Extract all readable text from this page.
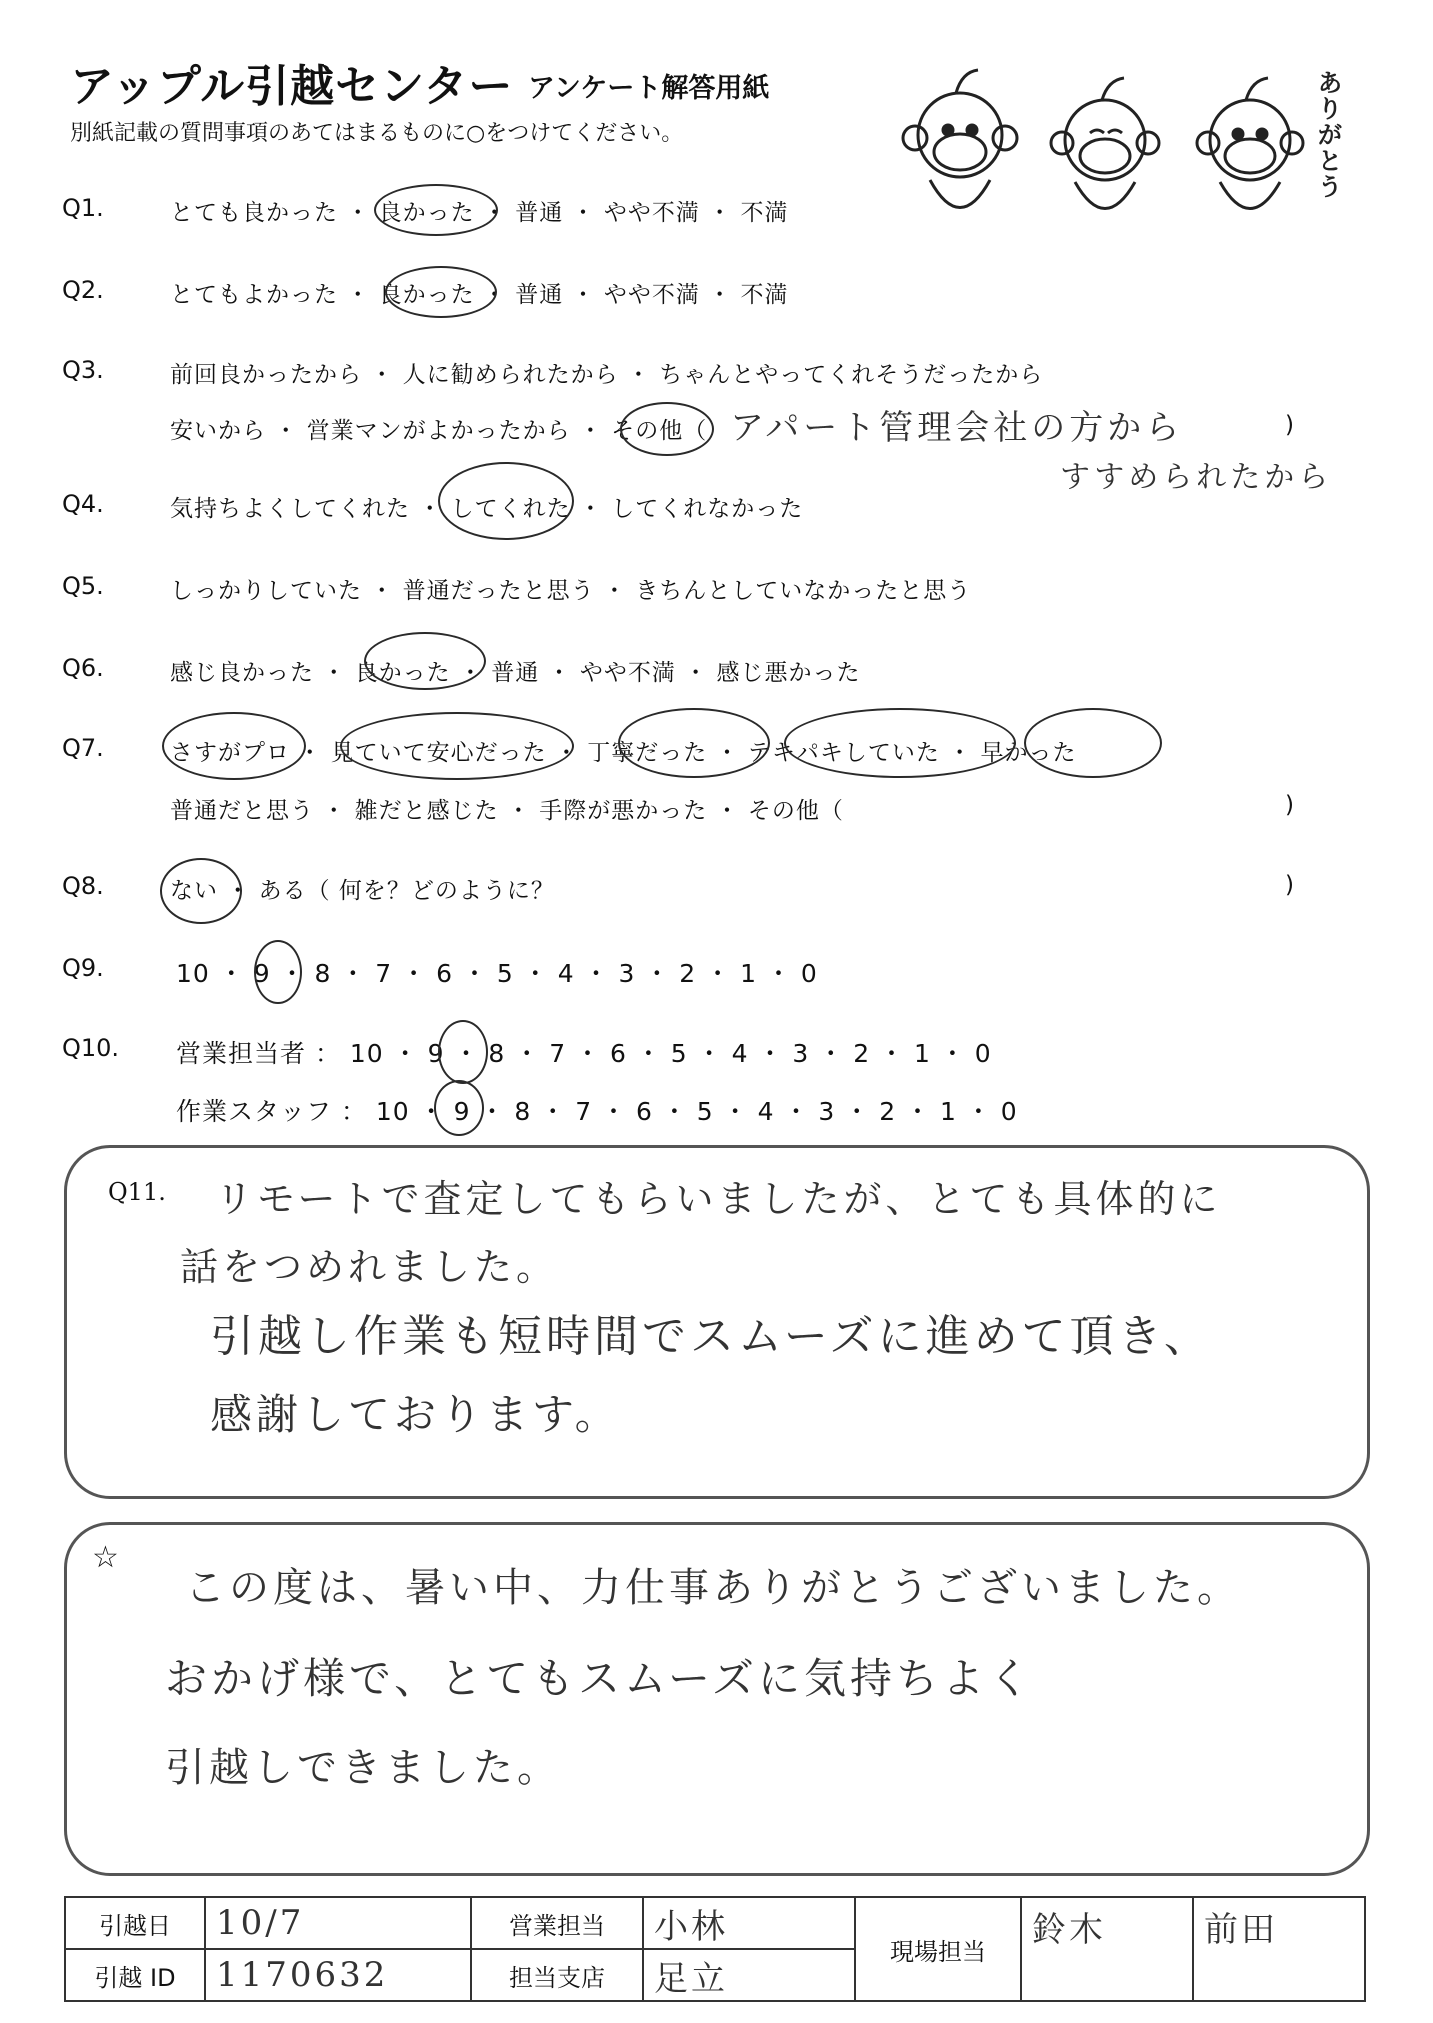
アップル引越センター アンケート解答用紙
別紙記載の質問事項のあてはまるものに○をつけてください。
ありがとう
Q1.	とても良かった ・ 良かった ・ 普通 ・ やや不満 ・ 不満
Q2.	とてもよかった ・ 良かった ・ 普通 ・ やや不満 ・ 不満
Q3.	前回良かったから ・ 人に勧められたから ・ ちゃんとやってくれそうだったから
安いから ・ 営業マンがよかったから ・ その他（	)
アパート管理会社の方から
すすめられたから
Q4.	気持ちよくしてくれた ・ してくれた ・ してくれなかった
Q5.	しっかりしていた ・ 普通だったと思う ・ きちんとしていなかったと思う
Q6.	感じ良かった ・ 良かった ・ 普通 ・ やや不満 ・ 感じ悪かった
Q7.	さすがプロ ・ 見ていて安心だった ・ 丁寧だった ・ テキパキしていた ・ 早かった
普通だと思う ・ 雑だと感じた ・ 手際が悪かった ・ その他（	)
Q8.	ない ・ ある（ 何を？どのように？	)
Q9.	10 ・ 9 ・ 8 ・ 7 ・ 6 ・ 5 ・ 4 ・ 3 ・ 2 ・ 1 ・ 0
Q10. 営業担当者 ： 10 ・ 9 ・ 8 ・ 7 ・ 6 ・ 5 ・ 4 ・ 3 ・ 2 ・ 1 ・ 0
作業スタッフ ： 10 ・ 9 ・ 8 ・ 7 ・ 6 ・ 5 ・ 4 ・ 3 ・ 2 ・ 1 ・ 0
Q11. リモートで査定してもらいましたが、とても具体的に
話をつめれました。
引越し作業も短時間でスムーズに進めて頂き、
感謝しております。
☆
この度は、暑い中、力仕事ありがとうございました。
おかげ様で、とてもスムーズに気持ちよく
引越しできました。
引越日	10/7	営業担当	小林	現場担当	鈴木	前田
引越 ID	1170632	担当支店	足立			
